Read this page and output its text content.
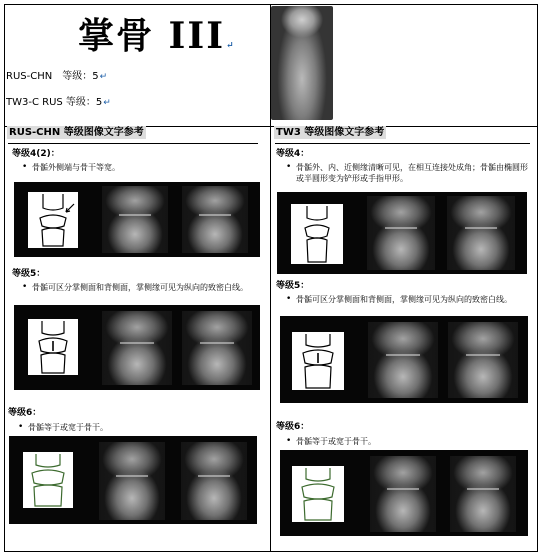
掌骨 III↵
RUS-CHN　等级：5↵
TW3-C RUS 等级：5↵
RUS-CHN 等级图像文字参考
等级4(2)：
• 骨骺外侧端与骨干等宽。
等级5：
• 骨骺可区分掌侧面和背侧面，掌侧缘可见为纵向的致密白线。
等级6：
• 骨骺等于或宽于骨干。
TW3 等级图像文字参考
等级4：
• 骨骺外、内、近侧缘清晰可见，在相互连接处成角；骨骺由椭圆形或半圆形变为铲形或手指甲形。
等级5：
• 骨骺可区分掌侧面和背侧面，掌侧缘可见为纵向的致密白线。
等级6：
• 骨骺等于或宽于骨干。
